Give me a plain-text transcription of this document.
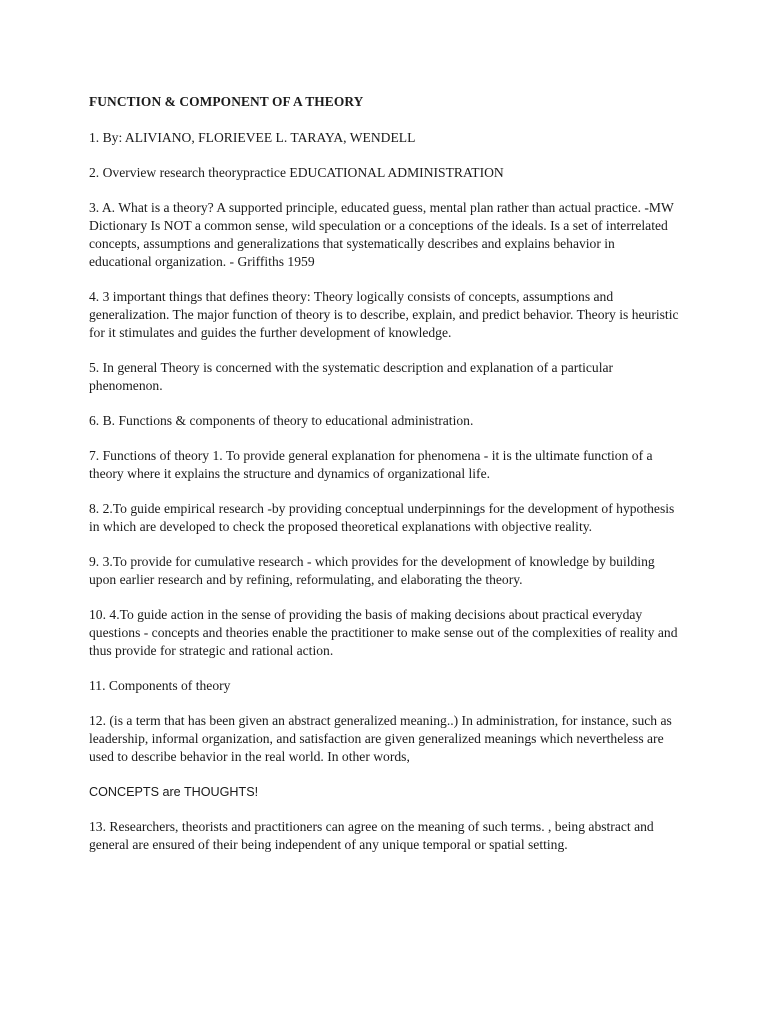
FUNCTION & COMPONENT OF A THEORY
1. By: ALIVIANO, FLORIEVEE L. TARAYA, WENDELL
2. Overview research theorypractice EDUCATIONAL ADMINISTRATION
3. A. What is a theory? A supported principle, educated guess, mental plan rather than actual practice. -MW Dictionary Is NOT a common sense, wild speculation or a conceptions of the ideals. Is a set of interrelated concepts, assumptions and generalizations that systematically describes and explains behavior in educational organization. - Griffiths 1959
4. 3 important things that defines theory: Theory logically consists of concepts, assumptions and generalization. The major function of theory is to describe, explain, and predict behavior. Theory is heuristic for it stimulates and guides the further development of knowledge.
5. In general Theory is concerned with the systematic description and explanation of a particular phenomenon.
6. B. Functions & components of theory to educational administration.
7. Functions of theory 1. To provide general explanation for phenomena - it is the ultimate function of a theory where it explains the structure and dynamics of organizational life.
8. 2.To guide empirical research -by providing conceptual underpinnings for the development of hypothesis in which are developed to check the proposed theoretical explanations with objective reality.
9. 3.To provide for cumulative research - which provides for the development of knowledge by building upon earlier research and by refining, reformulating, and elaborating the theory.
10. 4.To guide action in the sense of providing the basis of making decisions about practical everyday questions - concepts and theories enable the practitioner to make sense out of the complexities of reality and thus provide for strategic and rational action.
11. Components of theory
12. (is a term that has been given an abstract generalized meaning..) In administration, for instance, such as leadership, informal organization, and satisfaction are given generalized meanings which nevertheless are used to describe behavior in the real world. In other words,
CONCEPTS are THOUGHTS!
13. Researchers, theorists and practitioners can agree on the meaning of such terms. , being abstract and general are ensured of their being independent of any unique temporal or spatial setting.
